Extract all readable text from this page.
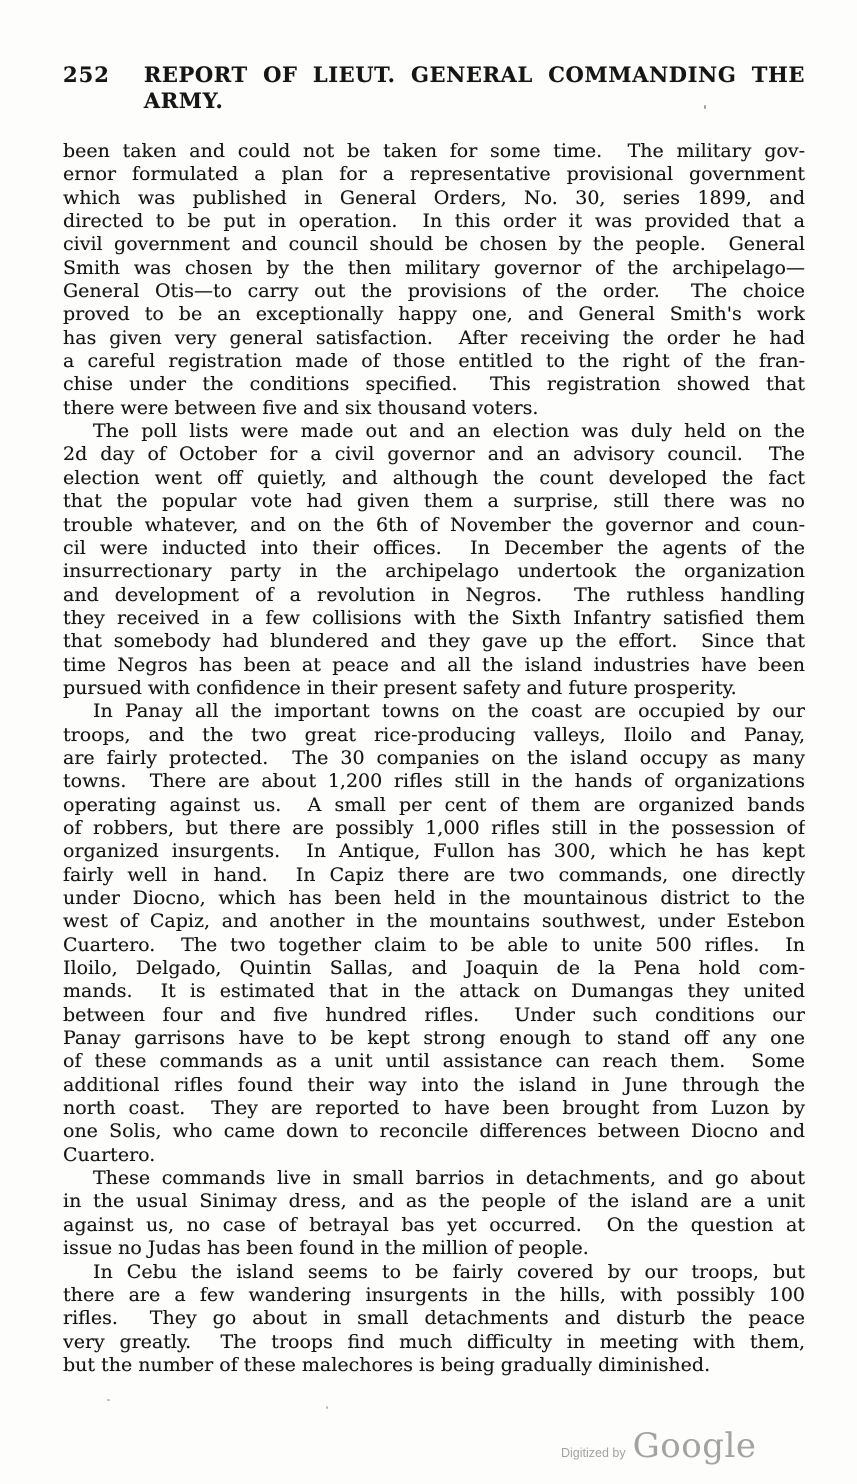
252 REPORT OF LIEUT. GENERAL COMMANDING THE ARMY.
been taken and could not be taken for some time.  The military gov-
ernor formulated a plan for a representative provisional government
which was published in General Orders, No. 30, series 1899, and
directed to be put in operation.  In this order it was provided that a
civil government and council should be chosen by the people.  General
Smith was chosen by the then military governor of the archipelago—
General Otis—to carry out the provisions of the order.  The choice
proved to be an exceptionally happy one, and General Smith's work
has given very general satisfaction.  After receiving the order he had
a careful registration made of those entitled to the right of the fran-
chise under the conditions specified.  This registration showed that
there were between five and six thousand voters.
The poll lists were made out and an election was duly held on the
2d day of October for a civil governor and an advisory council.  The
election went off quietly, and although the count developed the fact
that the popular vote had given them a surprise, still there was no
trouble whatever, and on the 6th of November the governor and coun-
cil were inducted into their offices.  In December the agents of the
insurrectionary party in the archipelago undertook the organization
and development of a revolution in Negros.  The ruthless handling
they received in a few collisions with the Sixth Infantry satisfied them
that somebody had blundered and they gave up the effort.  Since that
time Negros has been at peace and all the island industries have been
pursued with confidence in their present safety and future prosperity.
In Panay all the important towns on the coast are occupied by our
troops, and the two great rice-producing valleys, Iloilo and Panay,
are fairly protected.  The 30 companies on the island occupy as many
towns.  There are about 1,200 rifles still in the hands of organizations
operating against us.  A small per cent of them are organized bands
of robbers, but there are possibly 1,000 rifles still in the possession of
organized insurgents.  In Antique, Fullon has 300, which he has kept
fairly well in hand.  In Capiz there are two commands, one directly
under Diocno, which has been held in the mountainous district to the
west of Capiz, and another in the mountains southwest, under Estebon
Cuartero.  The two together claim to be able to unite 500 rifles.  In
Iloilo, Delgado, Quintin Sallas, and Joaquin de la Pena hold com-
mands.  It is estimated that in the attack on Dumangas they united
between four and five hundred rifles.  Under such conditions our
Panay garrisons have to be kept strong enough to stand off any one
of these commands as a unit until assistance can reach them.  Some
additional rifles found their way into the island in June through the
north coast.  They are reported to have been brought from Luzon by
one Solis, who came down to reconcile differences between Diocno and
Cuartero.
These commands live in small barrios in detachments, and go about
in the usual Sinimay dress, and as the people of the island are a unit
against us, no case of betrayal bas yet occurred.  On the question at
issue no Judas has been found in the million of people.
In Cebu the island seems to be fairly covered by our troops, but
there are a few wandering insurgents in the hills, with possibly 100
rifles.  They go about in small detachments and disturb the peace
very greatly.  The troops find much difficulty in meeting with them,
but the number of these malechores is being gradually diminished.
Digitized by Google
